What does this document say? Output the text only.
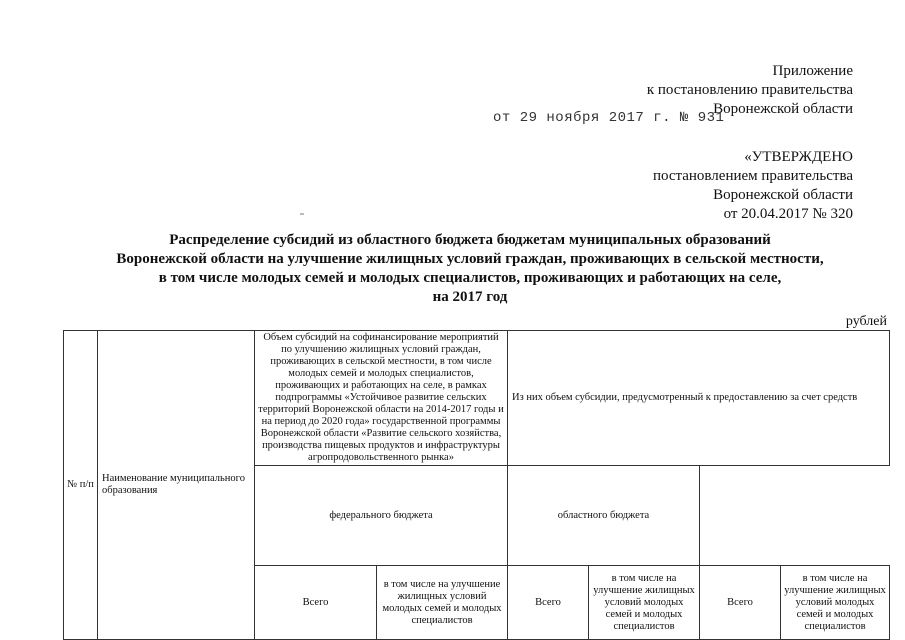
Приложение
к постановлению правительства
Воронежской области
от 29 ноября 2017 г. № 931
«УТВЕРЖДЕНО
постановлением правительства
Воронежской области
от 20.04.2017 № 320
Распределение субсидий из областного бюджета бюджетам муниципальных образований
Воронежской области на улучшение жилищных условий граждан, проживающих в сельской местности,
в том числе молодых семей и молодых специалистов, проживающих и работающих на селе,
на 2017 год
рублей
№ п/п	Наименование муниципального образования	Объем субсидий на софинансирование мероприятий по улучшению жилищных условий граждан, проживающих в сельской местности, в том числе молодых семей и молодых специалистов, проживающих и работающих на селе, в рамках подпрограммы «Устойчивое развитие сельских территорий Воронежской области на 2014-2017 годы и на период до 2020 года» государственной программы Воронежской области «Развитие сельского хозяйства, производства пищевых продуктов и инфраструктуры агропродовольственного рынка»		Из них объем субсидии, предусмотренный к предоставлению за счет средств			
		федерального бюджета		областного бюджета			
		Всего	в том числе на улучшение жилищных условий молодых семей и молодых специалистов	Всего	в том числе на улучшение жилищных условий молодых семей и молодых специалистов	Всего	в том числе на улучшение жилищных условий молодых семей и молодых специалистов
